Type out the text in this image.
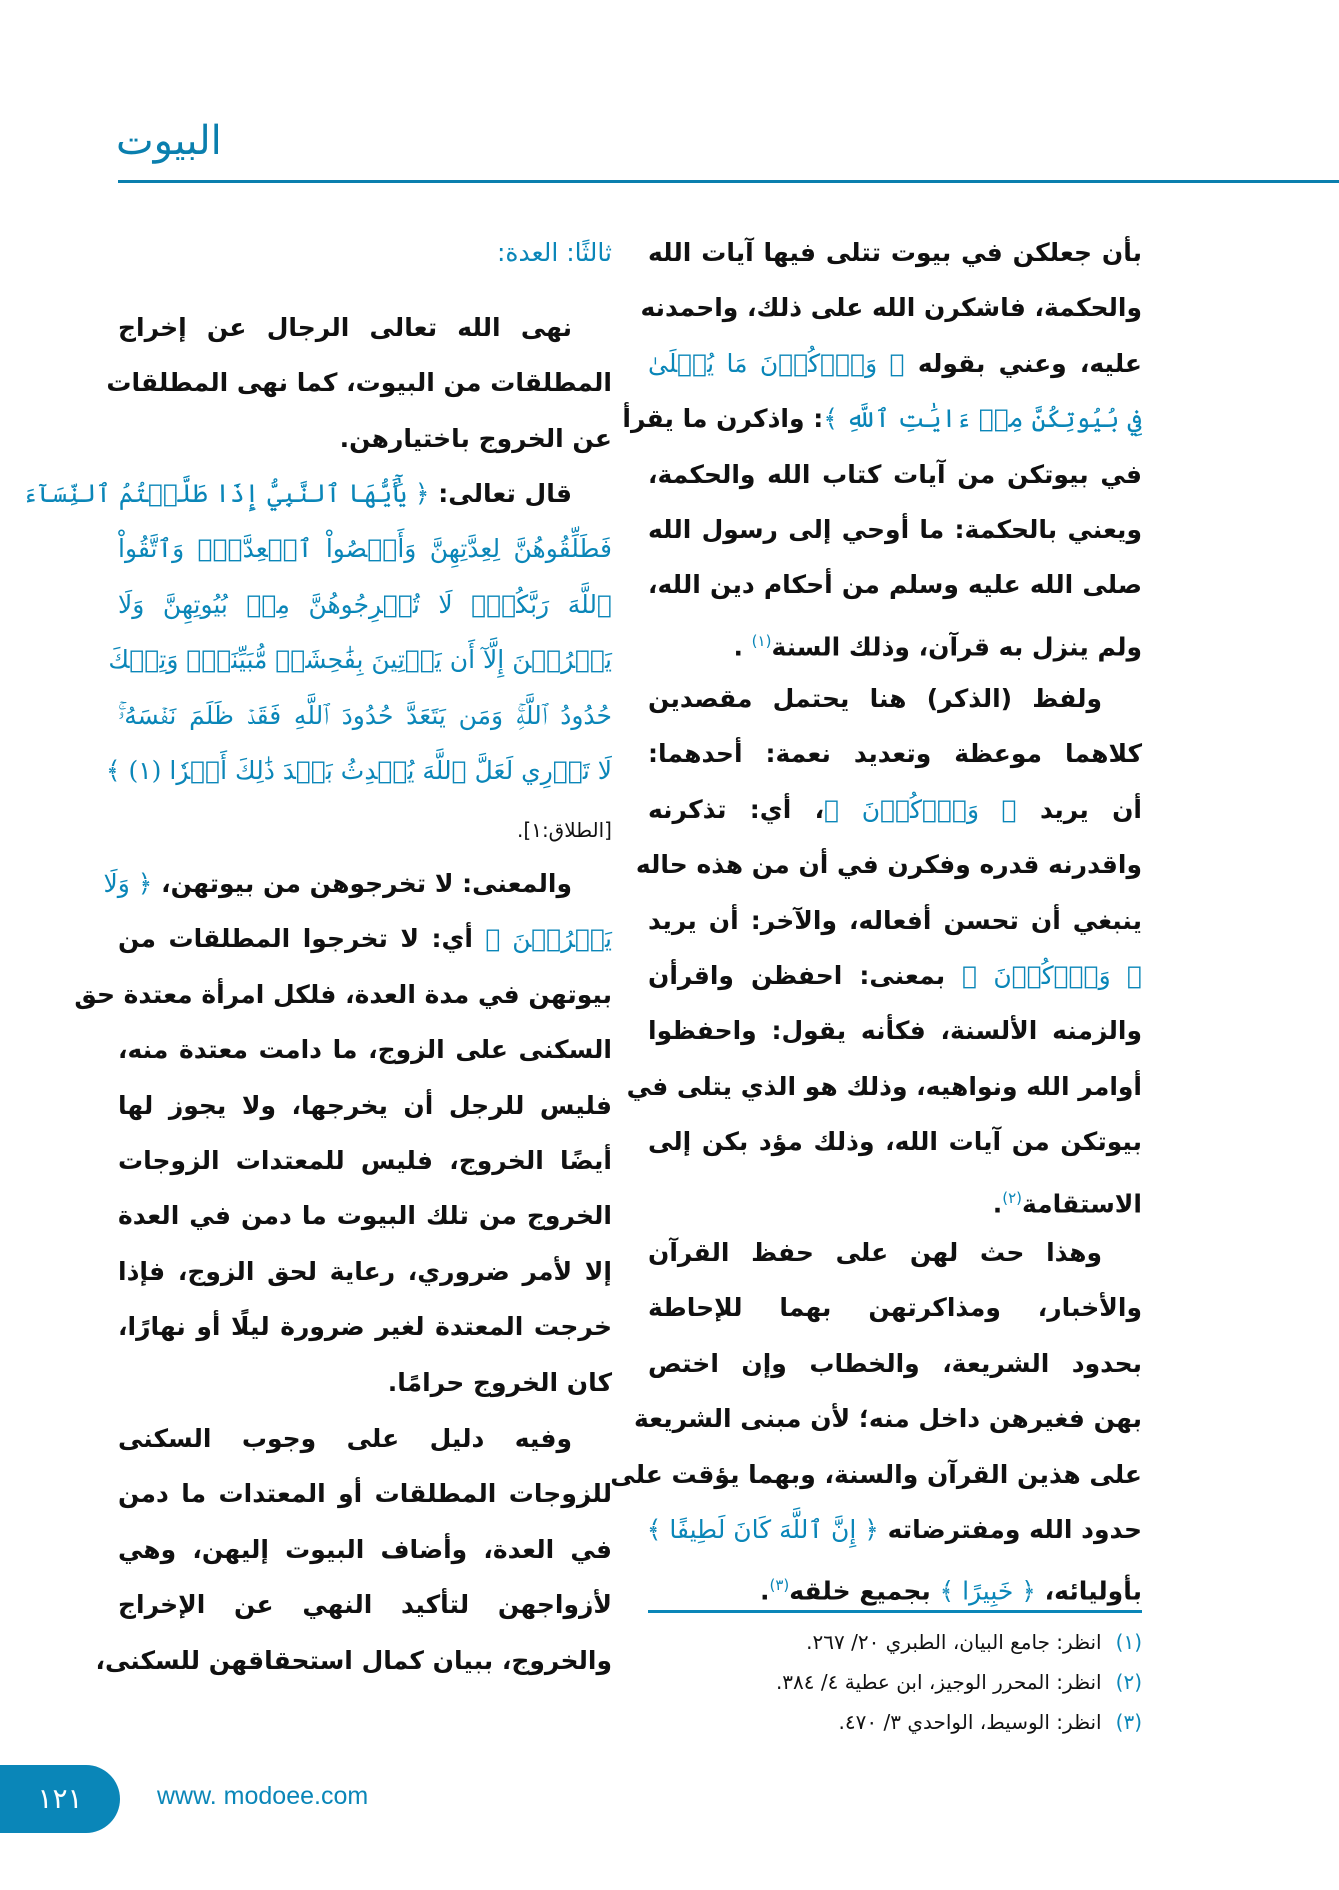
البيوت
بأن جعلكن في بيوت تتلى فيها آيات الله
والحكمة، فاشكرن الله على ذلك، واحمدنه
عليه، وعني بقوله ﴿ وَٱذۡكُرۡنَ مَا يُتۡلَىٰ
فِي بُيُوتِكُنَّ مِنۡ ءَايَٰتِ ٱللَّهِ ﴾: واذكرن ما يقرأ
في بيوتكن من آيات كتاب الله والحكمة،
ويعني بالحكمة: ما أوحي إلى رسول الله
صلى الله عليه وسلم من أحكام دين الله،
ولم ينزل به قرآن، وذلك السنة$^{(١)}$ .
ولفظ (الذكر) هنا يحتمل مقصدين
كلاهما موعظة وتعديد نعمة: أحدهما:
أن يريد ﴿ وَٱذۡكُرۡنَ ﴾، أي: تذكرنه
واقدرنه قدره وفكرن في أن من هذه حاله
ينبغي أن تحسن أفعاله، والآخر: أن يريد
﴿ وَٱذۡكُرۡنَ ﴾ بمعنى: احفظن واقرأن
والزمنه الألسنة، فكأنه يقول: واحفظوا
أوامر الله ونواهيه، وذلك هو الذي يتلى في
بيوتكن من آيات الله، وذلك مؤد بكن إلى
الاستقامة$^{(٢)}$.
وهذا حث لهن على حفظ القرآن
والأخبار، ومذاكرتهن بهما للإحاطة
بحدود الشريعة، والخطاب وإن اختص
بهن فغيرهن داخل منه؛ لأن مبنى الشريعة
على هذين القرآن والسنة، وبهما يؤقت على
حدود الله ومفترضاته ﴿ إِنَّ ٱللَّهَ كَانَ لَطِيفًا ﴾
بأوليائه، ﴿ خَبِيرًا ﴾ بجميع خلقه$^{(٣)}$.
ثالثًا: العدة:
نهى الله تعالى الرجال عن إخراج
المطلقات من البيوت، كما نهى المطلقات
عن الخروج باختيارهن.
قال تعالى: ﴿ يَٰٓأَيُّهَا ٱلنَّبِيُّ إِذَا طَلَّقۡتُمُ ٱلنِّسَآءَ
فَطَلِّقُوهُنَّ لِعِدَّتِهِنَّ وَأَحۡصُواْ ٱلۡعِدَّةَۖ وَٱتَّقُواْ
ٱللَّهَ رَبَّكُمۡۖ لَا تُخۡرِجُوهُنَّ مِنۢ بُيُوتِهِنَّ وَلَا
يَخۡرُجۡنَ إِلَّآ أَن يَأۡتِينَ بِفَٰحِشَةٖ مُّبَيِّنَةٖۚ وَتِلۡكَ
حُدُودُ ٱللَّهِۚ وَمَن يَتَعَدَّ حُدُودَ ٱللَّهِ فَقَدۡ ظَلَمَ نَفۡسَهُۥۚ
لَا تَدۡرِي لَعَلَّ ٱللَّهَ يُحۡدِثُ بَعۡدَ ذَٰلِكَ أَمۡرٗا (١) ﴾
[الطلاق:١].
والمعنى: لا تخرجوهن من بيوتهن، ﴿ وَلَا
يَخۡرُجۡنَ ﴾ أي: لا تخرجوا المطلقات من
بيوتهن في مدة العدة، فلكل امرأة معتدة حق
السكنى على الزوج، ما دامت معتدة منه،
فليس للرجل أن يخرجها، ولا يجوز لها
أيضًا الخروج، فليس للمعتدات الزوجات
الخروج من تلك البيوت ما دمن في العدة
إلا لأمر ضروري، رعاية لحق الزوج، فإذا
خرجت المعتدة لغير ضرورة ليلًا أو نهارًا،
كان الخروج حرامًا.
وفيه دليل على وجوب السكنى
للزوجات المطلقات أو المعتدات ما دمن
في العدة، وأضاف البيوت إليهن، وهي
لأزواجهن لتأكيد النهي عن الإخراج
والخروج، ببيان كمال استحقاقهن للسكنى،
(١)انظر: جامع البيان، الطبري ٢٠/ ٢٦٧.
(٢)انظر: المحرر الوجيز، ابن عطية ٤/ ٣٨٤.
(٣)انظر: الوسيط، الواحدي ٣/ ٤٧٠.
١٢١	www. modoee.com
